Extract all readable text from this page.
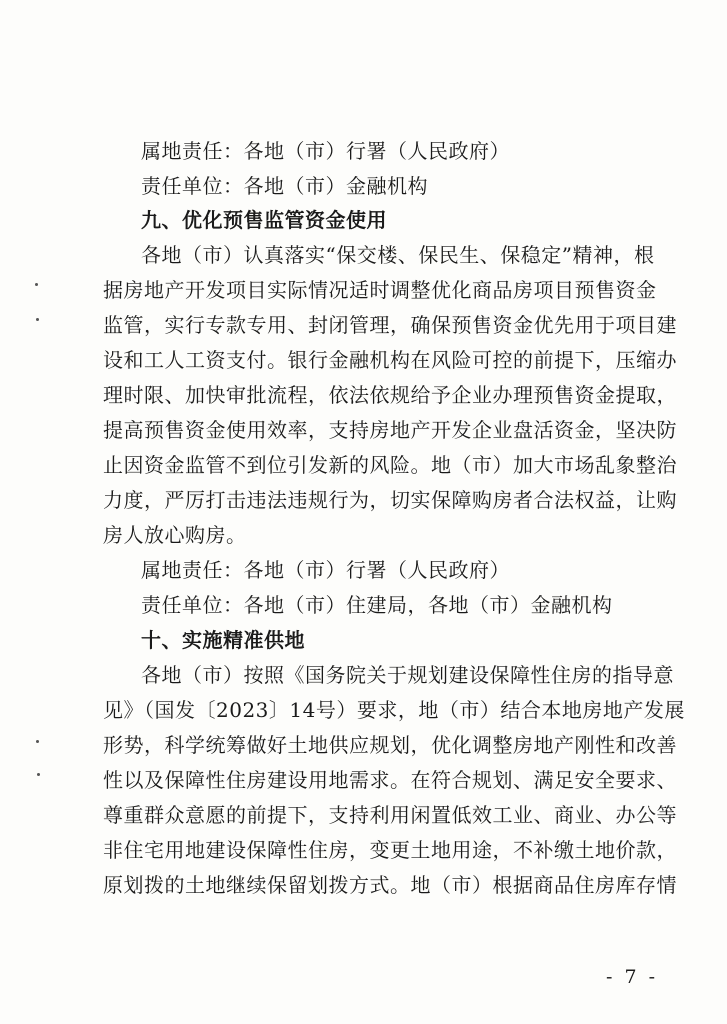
属地责任：各地（市）行署（人民政府）
责任单位：各地（市）金融机构
九、优化预售监管资金使用
各地（市）认真落实“保交楼、保民生、保稳定”精神，根
据房地产开发项目实际情况适时调整优化商品房项目预售资金
监管，实行专款专用、封闭管理，确保预售资金优先用于项目建
设和工人工资支付。银行金融机构在风险可控的前提下，压缩办
理时限、加快审批流程，依法依规给予企业办理预售资金提取，
提高预售资金使用效率，支持房地产开发企业盘活资金，坚决防
止因资金监管不到位引发新的风险。地（市）加大市场乱象整治
力度，严厉打击违法违规行为，切实保障购房者合法权益，让购
房人放心购房。
属地责任：各地（市）行署（人民政府）
责任单位：各地（市）住建局，各地（市）金融机构
十、实施精准供地
各地（市）按照《国务院关于规划建设保障性住房的指导意
见》（国发〔2023〕14号）要求，地（市）结合本地房地产发展
形势，科学统筹做好土地供应规划，优化调整房地产刚性和改善
性以及保障性住房建设用地需求。在符合规划、满足安全要求、
尊重群众意愿的前提下，支持利用闲置低效工业、商业、办公等
非住宅用地建设保障性住房，变更土地用途，不补缴土地价款，
原划拨的土地继续保留划拨方式。地（市）根据商品住房库存情
- 7 -
